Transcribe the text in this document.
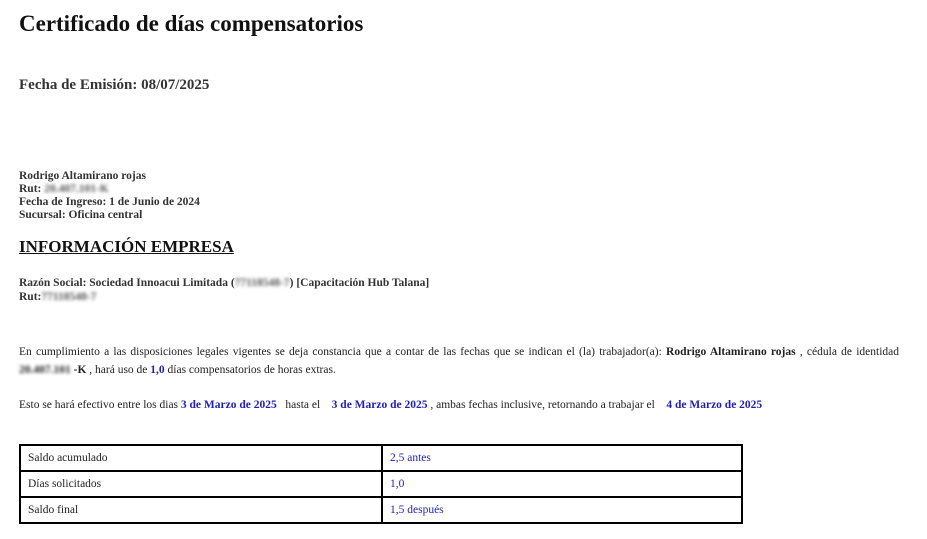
Certificado de días compensatorios
Fecha de Emisión: 08/07/2025
Rodrigo Altamirano rojas
Rut: 20.407.101-K
Fecha de Ingreso: 1 de Junio de 2024
Sucursal: Oficina central
INFORMACIÓN EMPRESA
Razón Social: Sociedad Innoacui Limitada (77118548-7) [Capacitación Hub Talana]
Rut:77118548-7
En cumplimiento a las disposiciones legales vigentes se deja constancia que a contar de las fechas que se indican el (la) trabajador(a): Rodrigo Altamirano rojas , cédula de identidad 20.407.101 -K , hará uso de 1,0 días compensatorios de horas extras.
Esto se hará efectivo entre los dias 3 de Marzo de 2025   hasta el    3 de Marzo de 2025 , ambas fechas inclusive, retornando a trabajar el    4 de Marzo de 2025
Saldo acumulado	2,5 antes
Días solicitados	1,0
Saldo final	1,5 después
